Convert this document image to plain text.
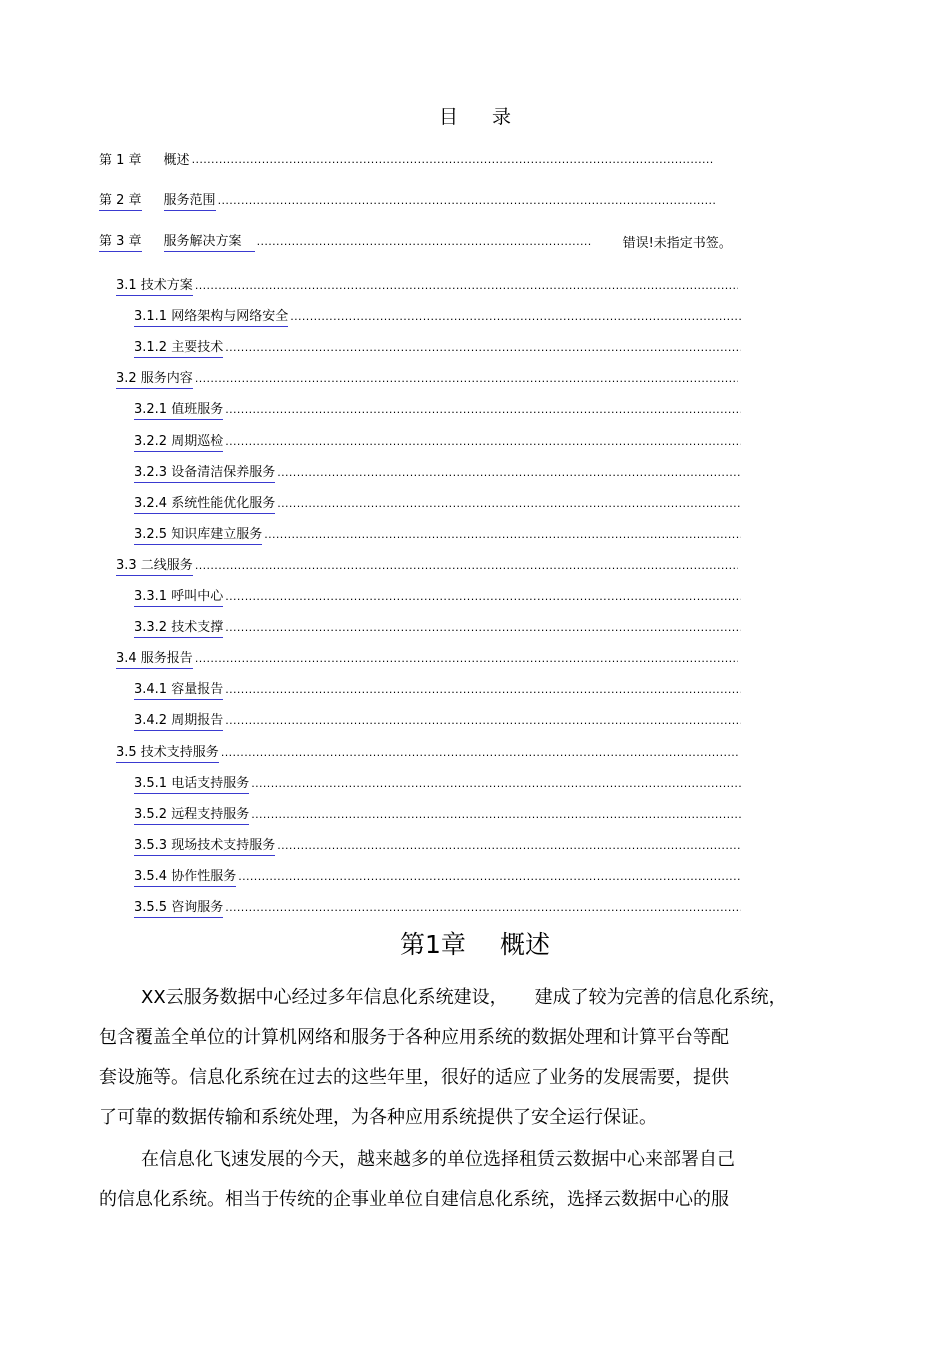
目 录
第 1 章 概述
.....
第 2 章 服务范围
.....
第 3 章 服务解决方案 
.....	错误!未指定书签。
3.1 技术方案
.....
3.1.1 网络架构与网络安全
.....
3.1.2 主要技术
.....
3.2 服务内容
.....
3.2.1 值班服务
.....
3.2.2 周期巡检
.....
3.2.3 设备清洁保养服务
.....
3.2.4 系统性能优化服务
.....
3.2.5 知识库建立服务
.....
3.3 二线服务
.....
3.3.1 呼叫中心
.....
3.3.2 技术支撑
.....
3.4 服务报告
.....
3.4.1 容量报告
.....
3.4.2 周期报告
.....
3.5 技术支持服务
.....
3.5.1 电话支持服务
.....
3.5.2 远程支持服务
.....
3.5.3 现场技术支持服务
.....
3.5.4 协作性服务
.....
3.5.5 咨询服务
.....
第1章 概述

XX云服务数据中心经过多年信息化系统建设，　　建成了较为完善的信息化系统，
包含覆盖全单位的计算机网络和服务于各种应用系统的数据处理和计算平台等配
套设施等。信息化系统在过去的这些年里，很好的适应了业务的发展需要，提供
了可靠的数据传输和系统处理，为各种应用系统提供了安全运行保证。

在信息化飞速发展的今天，越来越多的单位选择租赁云数据中心来部署自己
的信息化系统。相当于传统的企事业单位自建信息化系统，选择云数据中心的服
